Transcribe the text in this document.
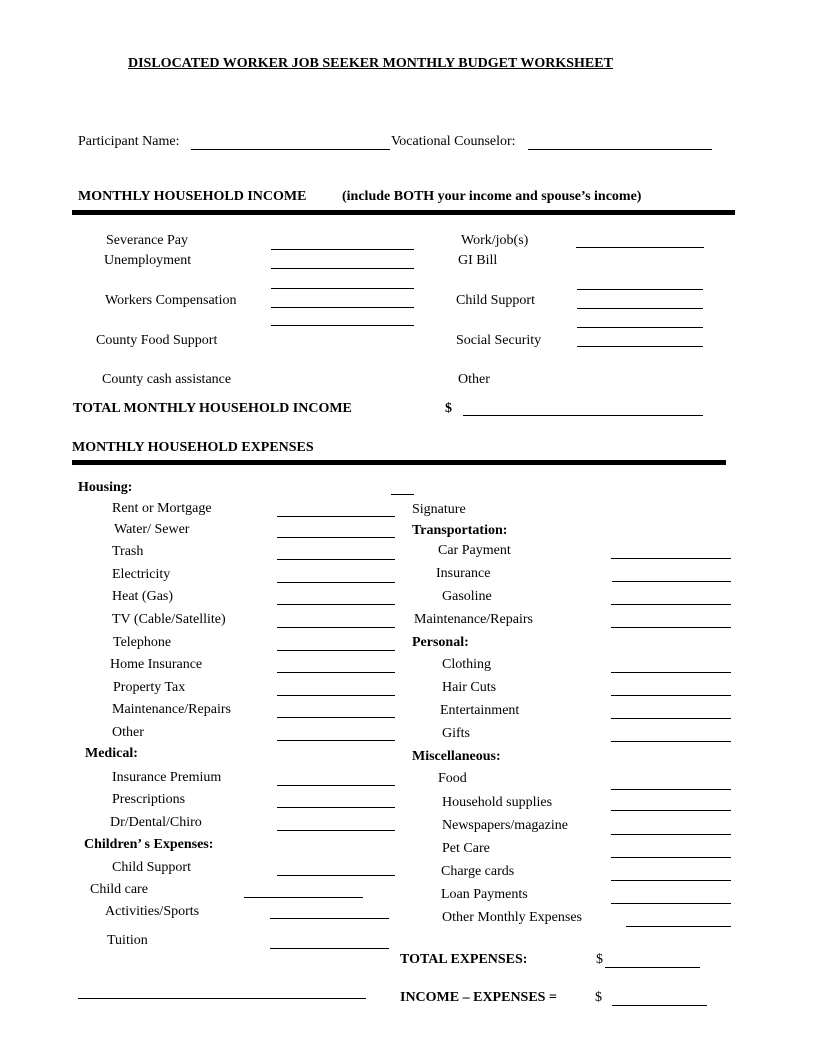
DISLOCATED WORKER JOB SEEKER MONTHLY BUDGET WORKSHEET
Participant Name:	Vocational Counselor:
MONTHLY HOUSEHOLD INCOME	(include BOTH your income and spouse’s income)
Severance Pay
Unemployment
Workers Compensation
County Food Support
County cash assistance
Work/job(s)
GI Bill
Child Support
Social Security
Other
TOTAL MONTHLY HOUSEHOLD INCOME	$
MONTHLY HOUSEHOLD EXPENSES
Housing:
Rent or Mortgage
Water/ Sewer
Trash
Electricity
Heat (Gas)
TV (Cable/Satellite)
Telephone
Home Insurance
Property Tax
Maintenance/Repairs
Other
Medical:
Insurance Premium
Prescriptions
Dr/Dental/Chiro
Children’ s Expenses:
Child Support
Child care
Activities/Sports
Tuition
Signature
Transportation:
Car Payment
Insurance
Gasoline
Maintenance/Repairs
Personal:
Clothing
Hair Cuts
Entertainment
Gifts
Miscellaneous:
Food
Household supplies
Newspapers/magazine
Pet Care
Charge cards
Loan Payments
Other Monthly Expenses
TOTAL EXPENSES:	$
INCOME – EXPENSES =	$
